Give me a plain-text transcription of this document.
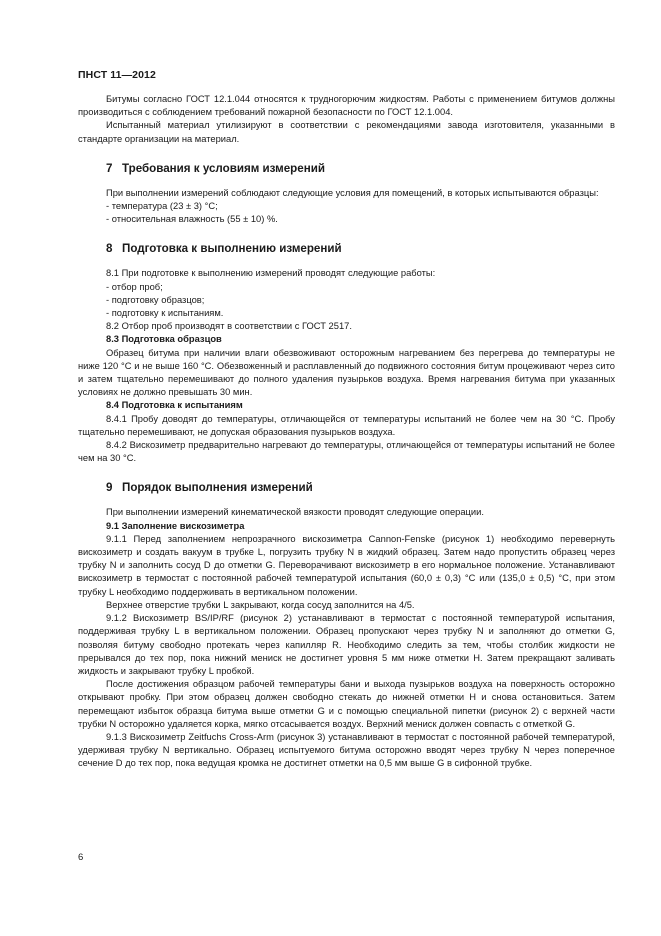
ПНСТ 11—2012

Битумы согласно ГОСТ 12.1.044 относятся к трудногорючим жидкостям. Работы с применением битумов должны производиться с соблюдением требований пожарной безопасности по ГОСТ 12.1.004.

Испытанный материал утилизируют в соответствии с рекомендациями завода изготовителя, указанными в стандарте организации на материал.

7 Требования к условиям измерений

При выполнении измерений соблюдают следующие условия для помещений, в которых испытываются образцы:

- температура (23 ± 3) °С;

- относительная влажность (55 ± 10) %.

8 Подготовка к выполнению измерений

8.1 При подготовке к выполнению измерений проводят следующие работы:

- отбор проб;

- подготовку образцов;

- подготовку к испытаниям.

8.2 Отбор проб производят в соответствии с ГОСТ 2517.

8.3 Подготовка образцов

Образец битума при наличии влаги обезвоживают осторожным нагреванием без перегрева до температуры не ниже 120 °С и не выше 160 °С. Обезвоженный и расплавленный до подвижного состояния битум процеживают через сито и затем тщательно перемешивают до полного удаления пузырьков воздуха. Время нагревания битума при указанных условиях не должно превышать 30 мин.

8.4 Подготовка к испытаниям

8.4.1 Пробу доводят до температуры, отличающейся от температуры испытаний не более чем на 30 °С. Пробу тщательно перемешивают, не допуская образования пузырьков воздуха.

8.4.2 Вискозиметр предварительно нагревают до температуры, отличающейся от температуры испытаний не более чем на 30 °С.

9 Порядок выполнения измерений

При выполнении измерений кинематической вязкости проводят следующие операции.

9.1 Заполнение вискозиметра

9.1.1 Перед заполнением непрозрачного вискозиметра Cannon-Fenske (рисунок 1) необходимо перевернуть вискозиметр и создать вакуум в трубке L, погрузить трубку N в жидкий образец. Затем надо пропустить образец через трубку N и заполнить сосуд D до отметки G. Переворачивают вискозиметр в его нормальное положение. Устанавливают вискозиметр в термостат с постоянной рабочей температурой испытания (60,0 ± 0,3) °С или (135,0 ± 0,5) °С, при этом трубку L необходимо поддерживать в вертикальном положении.

Верхнее отверстие трубки L закрывают, когда сосуд заполнится на 4/5.

9.1.2 Вискозиметр BS/IP/RF (рисунок 2) устанавливают в термостат с постоянной температурой испытания, поддерживая трубку L в вертикальном положении. Образец пропускают через трубку N и заполняют до отметки G, позволяя битуму свободно протекать через капилляр R. Необходимо следить за тем, чтобы столбик жидкости не прерывался до тех пор, пока нижний мениск не достигнет уровня 5 мм ниже отметки H. Затем прекращают заливать жидкость и закрывают трубку L пробкой.

После достижения образцом рабочей температуры бани и выхода пузырьков воздуха на поверхность осторожно открывают пробку. При этом образец должен свободно стекать до нижней отметки H и снова остановиться. Затем перемещают избыток образца битума выше отметки G и с помощью специальной пипетки (рисунок 2) с верхней части трубки N осторожно удаляется корка, мягко отсасывается воздух. Верхний мениск должен совпасть с отметкой G.

9.1.3 Вискозиметр Zeitfuchs Cross-Arm (рисунок 3) устанавливают в термостат с постоянной рабочей температурой, удерживая трубку N вертикально. Образец испытуемого битума осторожно вводят через трубку N через поперечное сечение D до тех пор, пока ведущая кромка не достигнет отметки на 0,5 мм выше G в сифонной трубке.

6
